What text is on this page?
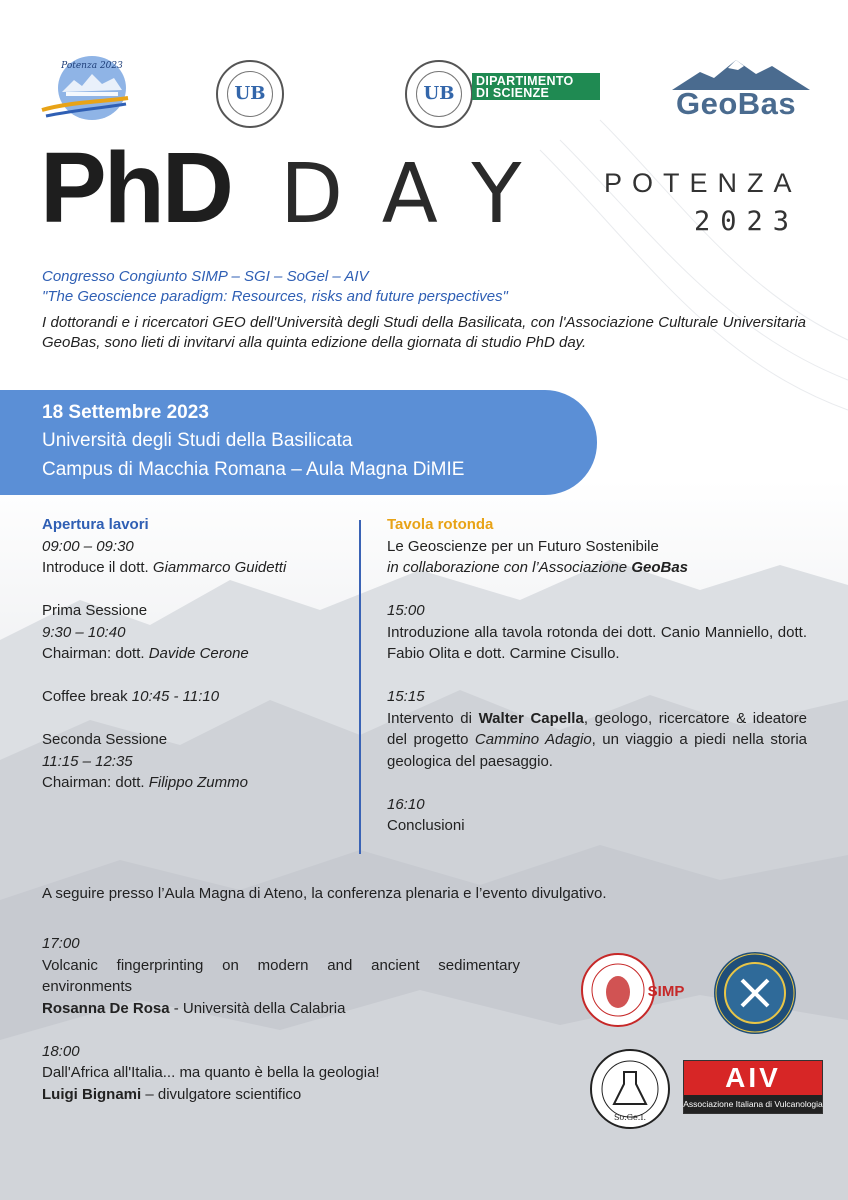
Potenza 2023
UB	UB
DIPARTIMENTO
DI SCIENZE	GeoBas
PhD DAY POTENZA
2023
Congresso Congiunto SIMP – SGI – SoGel – AIV
"The Geoscience paradigm: Resources, risks and future perspectives"
I dottorandi e i ricercatori GEO dell'Università degli Studi della Basilicata, con l'Associazione Culturale Universitaria GeoBas, sono lieti di invitarvi alla quinta edizione della giornata di studio PhD day.
18 Settembre 2023
Università degli Studi della Basilicata
Campus di Macchia Romana – Aula Magna DiMIE

Apertura lavori

09:00 – 09:30

Introduce il dott. Giammarco Guidetti

Prima Sessione

9:30 – 10:40

Chairman: dott. Davide Cerone

Coffee break 10:45 - 11:10

Seconda Sessione

11:15 – 12:35

Chairman: dott. Filippo Zummo

Tavola rotonda

Le Geoscienze per un Futuro Sostenibile

in collaborazione con l’Associazione GeoBas

15:00

Introduzione alla tavola rotonda dei dott. Canio Manniello, dott. Fabio Olita e dott. Carmine Cisullo.

15:15

Intervento di Walter Capella, geologo, ricercatore & ideatore del progetto Cammino Adagio, un viaggio a piedi nella storia geologica del paesaggio.

16:10

Conclusioni

A seguire presso l’Aula Magna di Ateno, la conferenza plenaria e l’evento divulgativo.

17:00

Volcanic fingerprinting on modern and ancient sedimentary environments

Rosanna De Rosa - Università della Calabria

18:00

Dall'Africa all'Italia... ma quanto è bella la geologia!

Luigi Bignami – divulgatore scientifico

SIMP
So.Ge.I.
AIV
Associazione Italiana di Vulcanologia
